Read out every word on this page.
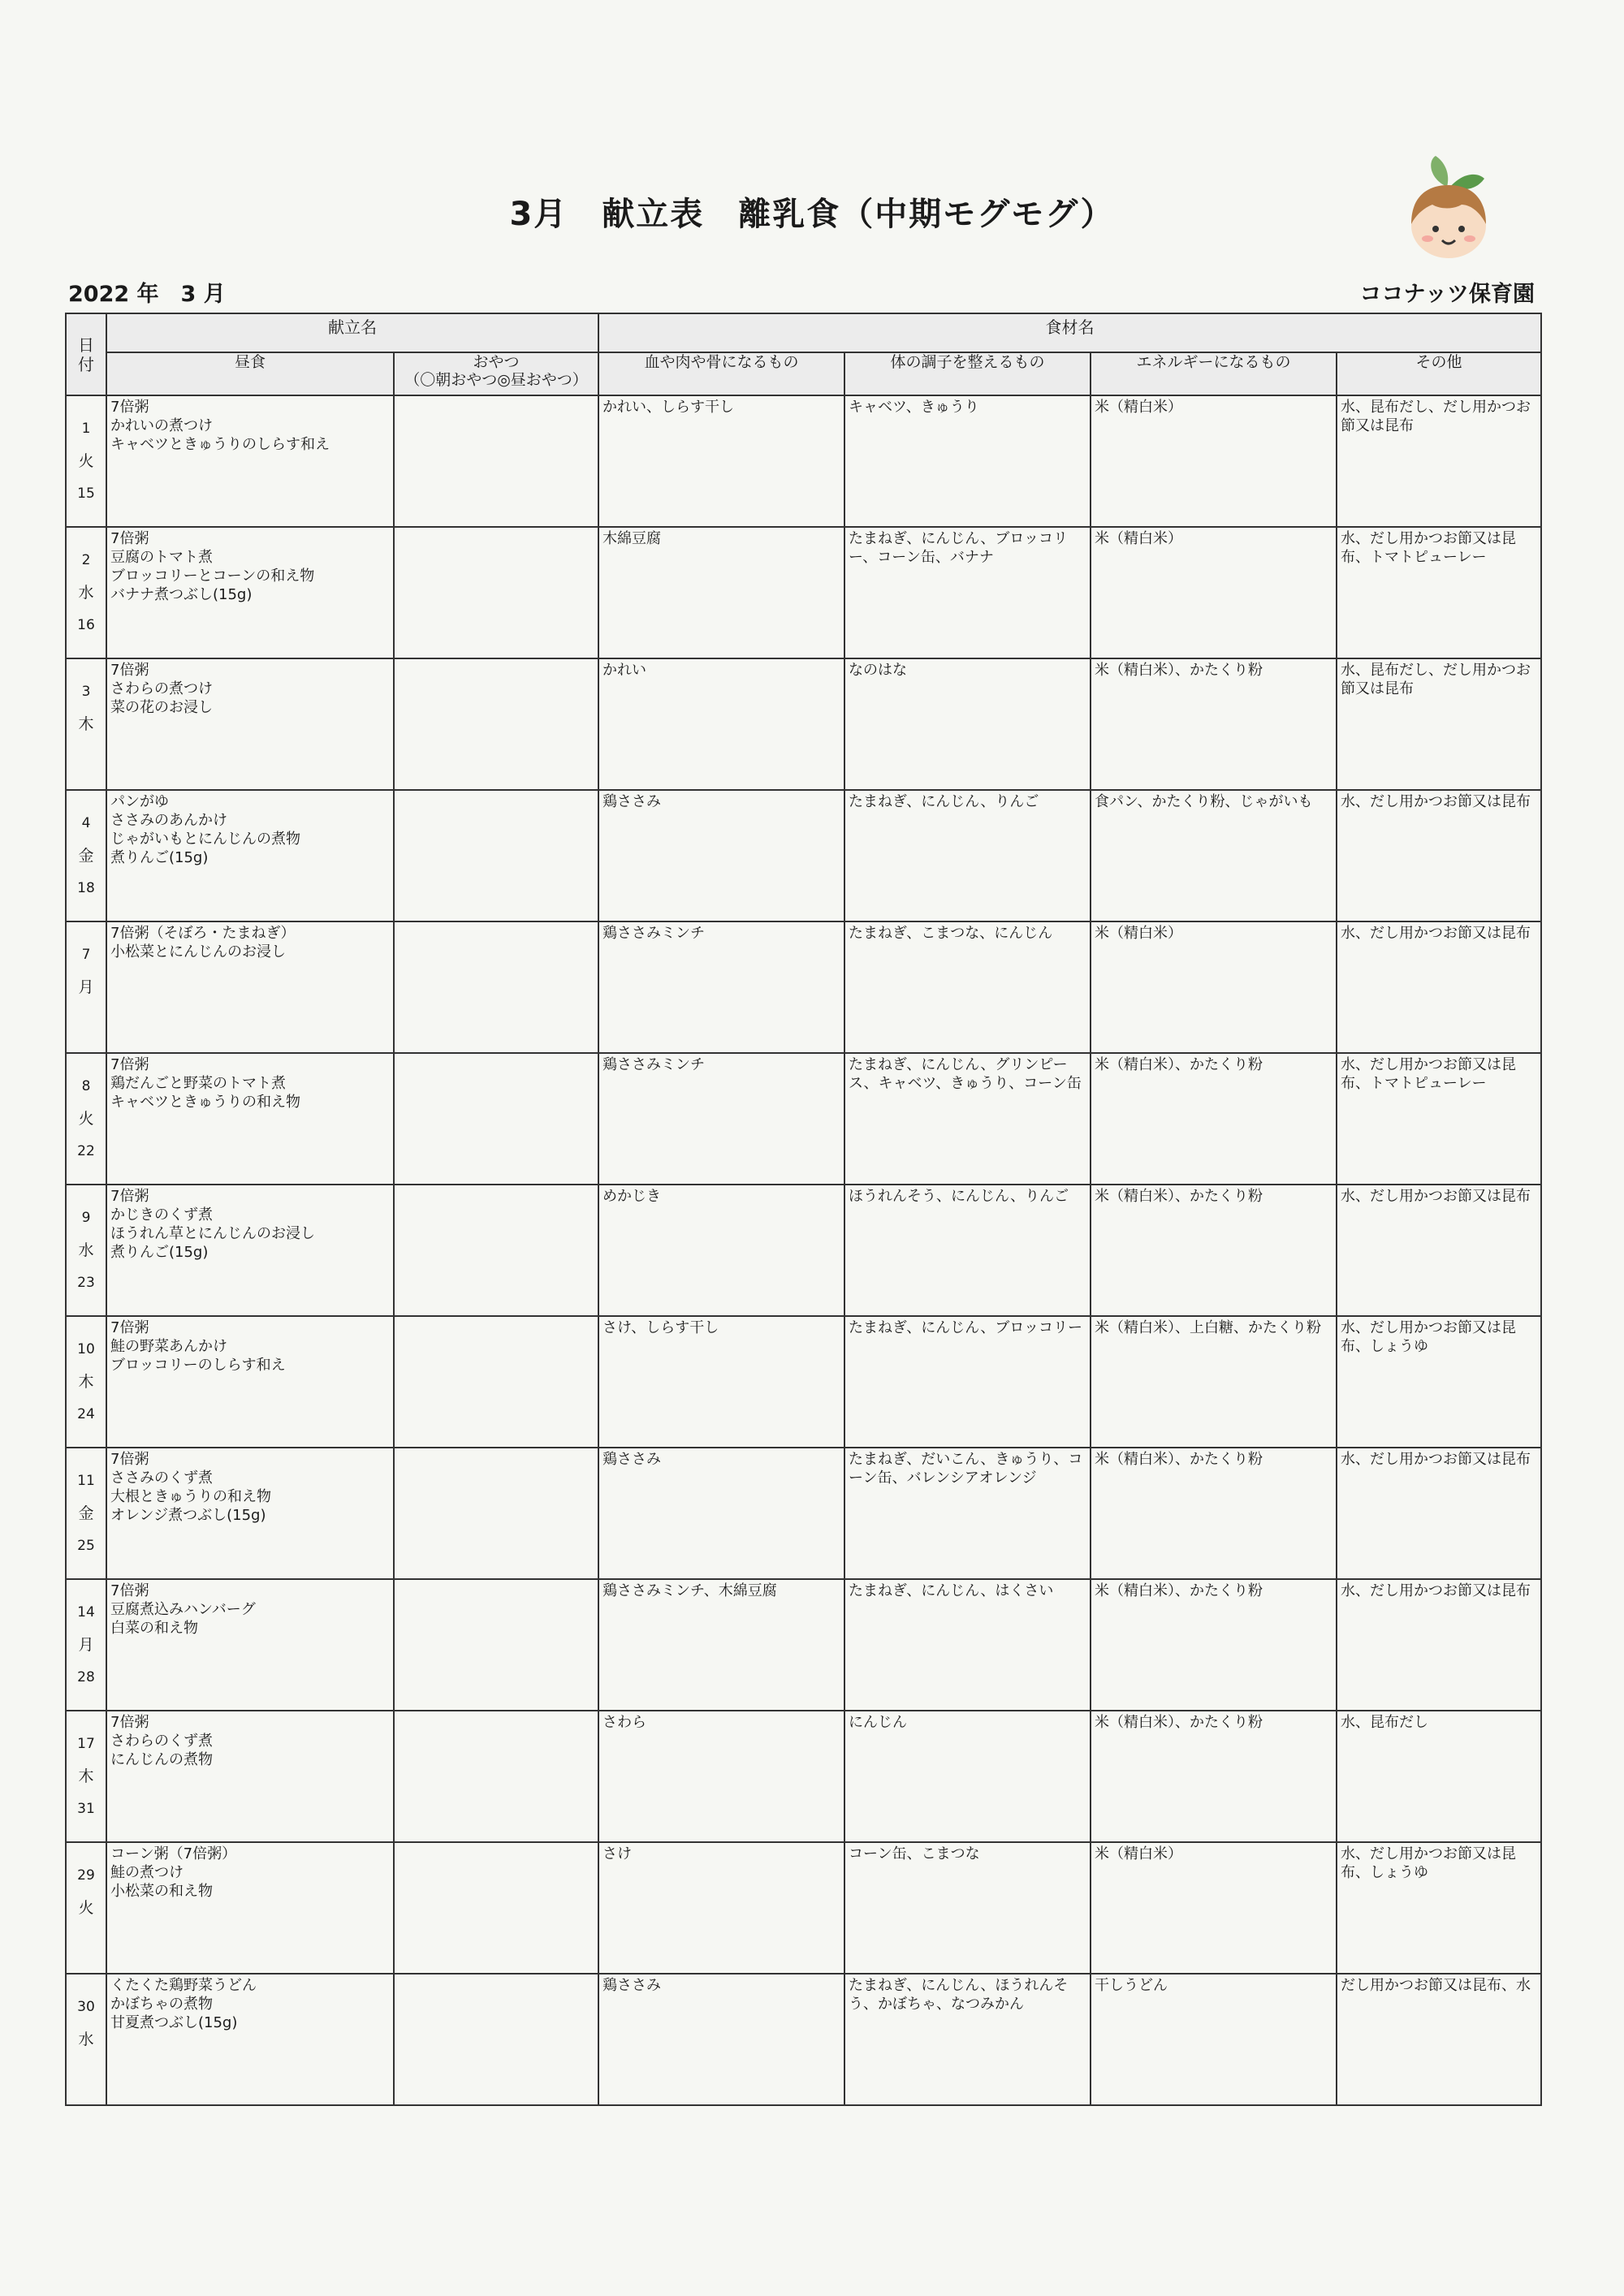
3月　献立表　離乳食（中期モグモグ）
2022 年　3 月	ココナッツ保育園
日
付	献立名		食材名			
	昼食	おやつ
（〇朝おやつ◎昼おやつ）	血や肉や骨になるもの	体の調子を整えるもの	エネルギーになるもの	その他

1
火
15	7倍粥
かれいの煮つけ
キャベツときゅうりのしらす和え		かれい、しらす干し	キャベツ、きゅうり	米（精白米）	水、昆布だし、だし用かつお節又は昆布

2
水
16	7倍粥
豆腐のトマト煮
ブロッコリーとコーンの和え物
バナナ煮つぶし(15g)		木綿豆腐	たまねぎ、にんじん、ブロッコリー、コーン缶、バナナ	米（精白米）	水、だし用かつお節又は昆布、トマトピューレー

3
木	7倍粥
さわらの煮つけ
菜の花のお浸し		かれい	なのはな	米（精白米）、かたくり粉	水、昆布だし、だし用かつお節又は昆布

4
金
18	パンがゆ
ささみのあんかけ
じゃがいもとにんじんの煮物
煮りんご(15g)		鶏ささみ	たまねぎ、にんじん、りんご	食パン、かたくり粉、じゃがいも	水、だし用かつお節又は昆布

7
月	7倍粥（そぼろ・たまねぎ）
小松菜とにんじんのお浸し		鶏ささみミンチ	たまねぎ、こまつな、にんじん	米（精白米）	水、だし用かつお節又は昆布

8
火
22	7倍粥
鶏だんごと野菜のトマト煮
キャベツときゅうりの和え物		鶏ささみミンチ	たまねぎ、にんじん、グリンピース、キャベツ、きゅうり、コーン缶	米（精白米）、かたくり粉	水、だし用かつお節又は昆布、トマトピューレー

9
水
23	7倍粥
かじきのくず煮
ほうれん草とにんじんのお浸し
煮りんご(15g)		めかじき	ほうれんそう、にんじん、りんご	米（精白米）、かたくり粉	水、だし用かつお節又は昆布

10
木
24	7倍粥
鮭の野菜あんかけ
ブロッコリーのしらす和え		さけ、しらす干し	たまねぎ、にんじん、ブロッコリー	米（精白米）、上白糖、かたくり粉	水、だし用かつお節又は昆布、しょうゆ

11
金
25	7倍粥
ささみのくず煮
大根ときゅうりの和え物
オレンジ煮つぶし(15g)		鶏ささみ	たまねぎ、だいこん、きゅうり、コーン缶、バレンシアオレンジ	米（精白米）、かたくり粉	水、だし用かつお節又は昆布

14
月
28	7倍粥
豆腐煮込みハンバーグ
白菜の和え物		鶏ささみミンチ、木綿豆腐	たまねぎ、にんじん、はくさい	米（精白米）、かたくり粉	水、だし用かつお節又は昆布

17
木
31	7倍粥
さわらのくず煮
にんじんの煮物		さわら	にんじん	米（精白米）、かたくり粉	水、昆布だし

29
火	コーン粥（7倍粥）
鮭の煮つけ
小松菜の和え物		さけ	コーン缶、こまつな	米（精白米）	水、だし用かつお節又は昆布、しょうゆ

30
水	くたくた鶏野菜うどん
かぼちゃの煮物
甘夏煮つぶし(15g)		鶏ささみ	たまねぎ、にんじん、ほうれんそう、かぼちゃ、なつみかん	干しうどん	だし用かつお節又は昆布、水
